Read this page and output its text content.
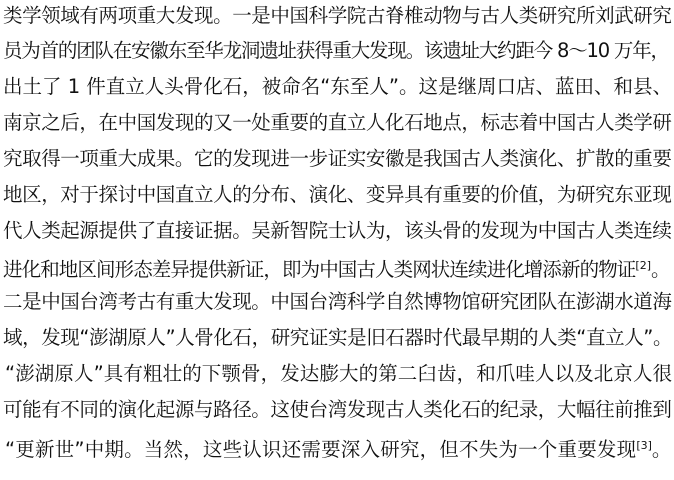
类学领域有两项重大发现。一是中国科学院古脊椎动物与古人类研究所刘武研究
员为首的团队在安徽东至华龙洞遗址获得重大发现。该遗址大约距今 8～10 万年，
出土了 1 件直立人头骨化石，被命名“东至人”。这是继周口店、蓝田、和县、
南京之后，在中国发现的又一处重要的直立人化石地点，标志着中国古人类学研
究取得一项重大成果。它的发现进一步证实安徽是我国古人类演化、扩散的重要
地区，对于探讨中国直立人的分布、演化、变异具有重要的价值，为研究东亚现
代人类起源提供了直接证据。吴新智院士认为，该头骨的发现为中国古人类连续
进化和地区间形态差异提供新证，即为中国古人类网状连续进化增添新的物证[2]。
二是中国台湾考古有重大发现。中国台湾科学自然博物馆研究团队在澎湖水道海
域，发现“澎湖原人”人骨化石，研究证实是旧石器时代最早期的人类“直立人”。
“澎湖原人”具有粗壮的下颚骨，发达膨大的第二臼齿，和爪哇人以及北京人很
可能有不同的演化起源与路径。这使台湾发现古人类化石的纪录，大幅往前推到
“更新世”中期。当然，这些认识还需要深入研究，但不失为一个重要发现[3]。
